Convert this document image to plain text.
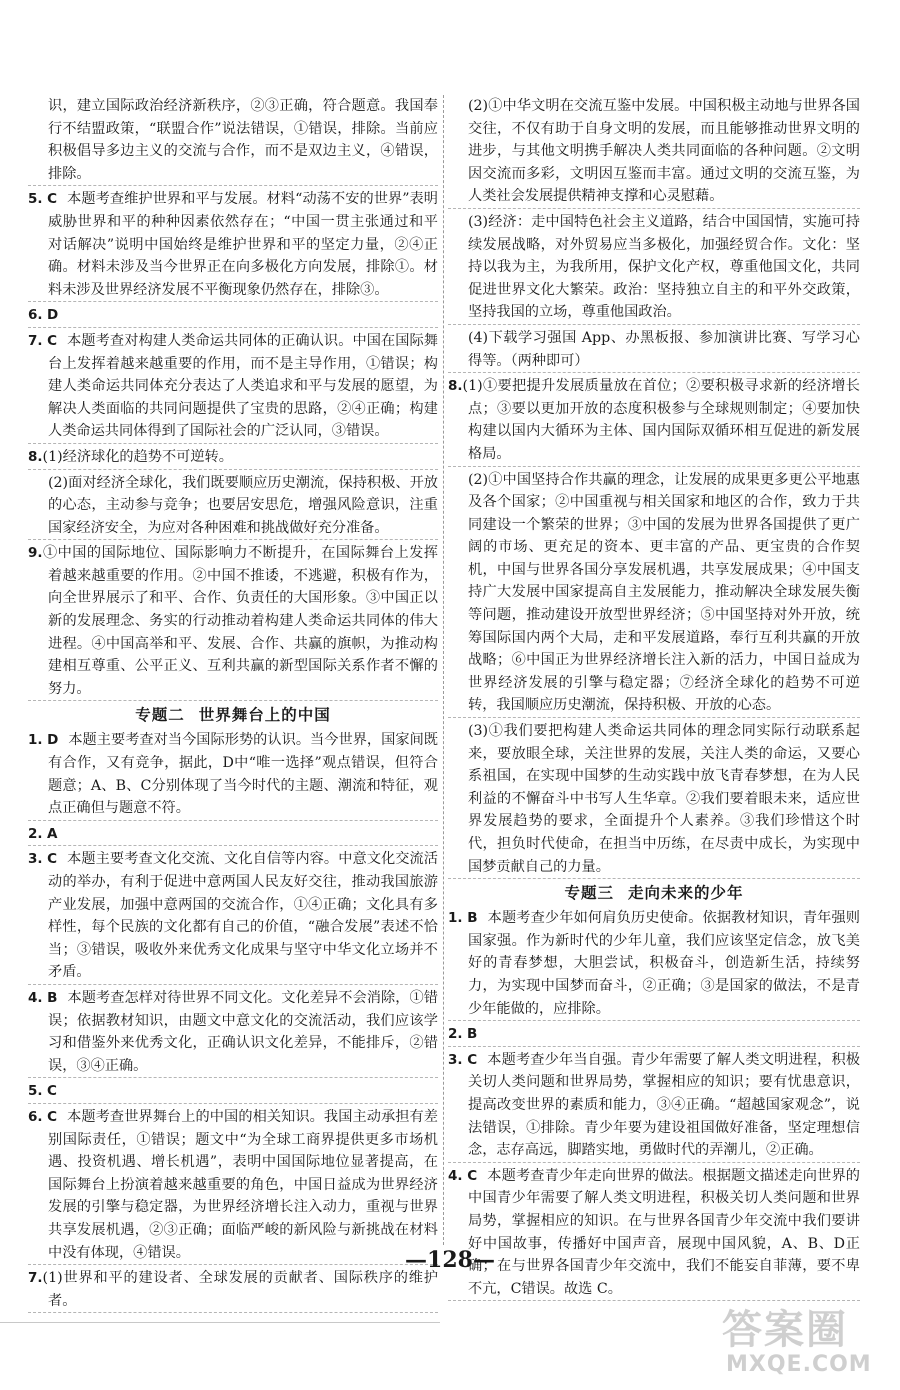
识，建立国际政治经济新秩序，②③正确，符合题意。我国奉行不结盟政策，“联盟合作”说法错误，①错误，排除。当前应积极倡导多边主义的交流与合作，而不是双边主义，④错误，排除。
5. C 本题考查维护世界和平与发展。材料“动荡不安的世界”表明威胁世界和平的种种因素依然存在；“中国一贯主张通过和平对话解决”说明中国始终是维护世界和平的坚定力量，②④正确。材料未涉及当今世界正在向多极化方向发展，排除①。材料未涉及世界经济发展不平衡现象仍然存在，排除③。
6. D
7. C 本题考查对构建人类命运共同体的正确认识。中国在国际舞台上发挥着越来越重要的作用，而不是主导作用，①错误；构建人类命运共同体充分表达了人类追求和平与发展的愿望，为解决人类面临的共同问题提供了宝贵的思路，②④正确；构建人类命运共同体得到了国际社会的广泛认同，③错误。
8.(1)经济球化的趋势不可逆转。
(2)面对经济全球化，我们既要顺应历史潮流，保持积极、开放的心态，主动参与竞争；也要居安思危，增强风险意识，注重国家经济安全，为应对各种困难和挑战做好充分准备。
9.①中国的国际地位、国际影响力不断提升，在国际舞台上发挥着越来越重要的作用。②中国不推诿，不逃避，积极有作为，向全世界展示了和平、合作、负责任的大国形象。③中国正以新的发展理念、务实的行动推动着构建人类命运共同体的伟大进程。④中国高举和平、发展、合作、共赢的旗帜，为推动构建相互尊重、公平正义、互利共赢的新型国际关系作者不懈的努力。
专题二 世界舞台上的中国
1. D 本题主要考查对当今国际形势的认识。当今世界，国家间既有合作，又有竞争，据此，D中“唯一选择”观点错误，但符合题意；A、B、C分别体现了当今时代的主题、潮流和特征，观点正确但与题意不符。
2. A
3. C 本题主要考查文化交流、文化自信等内容。中意文化交流活动的举办，有利于促进中意两国人民友好交往，推动我国旅游产业发展，加强中意两国的交流合作，①④正确；文化具有多样性，每个民族的文化都有自己的价值，“融合发展”表述不恰当；③错误，吸收外来优秀文化成果与坚守中华文化立场并不矛盾。
4. B 本题考查怎样对待世界不同文化。文化差异不会消除，①错误；依据教材知识，由题文中意文化的交流活动，我们应该学习和借鉴外来优秀文化，正确认识文化差异，不能排斥，②错误，③④正确。
5. C
6. C 本题考查世界舞台上的中国的相关知识。我国主动承担有差别国际责任，①错误；题文中“为全球工商界提供更多市场机遇、投资机遇、增长机遇”，表明中国国际地位显著提高，在国际舞台上扮演着越来越重要的角色，中国日益成为世界经济发展的引擎与稳定器，为世界经济增长注入动力，重视与世界共享发展机遇，②③正确；面临严峻的新风险与新挑战在材料中没有体现，④错误。
7.(1)世界和平的建设者、全球发展的贡献者、国际秩序的维护者。
(2)①中华文明在交流互鉴中发展。中国积极主动地与世界各国交往，不仅有助于自身文明的发展，而且能够推动世界文明的进步，与其他文明携手解决人类共同面临的各种问题。②文明因交流而多彩，文明因互鉴而丰富。通过文明的交流互鉴，为人类社会发展提供精神支撑和心灵慰藉。
(3)经济：走中国特色社会主义道路，结合中国国情，实施可持续发展战略，对外贸易应当多极化，加强经贸合作。文化：坚持以我为主，为我所用，保护文化产权，尊重他国文化，共同促进世界文化大繁荣。政治：坚持独立自主的和平外交政策，坚持我国的立场，尊重他国政治。
(4)下载学习强国 App、办黑板报、参加演讲比赛、写学习心得等。（两种即可）
8.(1)①要把提升发展质量放在首位；②要积极寻求新的经济增长点；③要以更加开放的态度积极参与全球规则制定；④要加快构建以国内大循环为主体、国内国际双循环相互促进的新发展格局。
(2)①中国坚持合作共赢的理念，让发展的成果更多更公平地惠及各个国家；②中国重视与相关国家和地区的合作，致力于共同建设一个繁荣的世界；③中国的发展为世界各国提供了更广阔的市场、更充足的资本、更丰富的产品、更宝贵的合作契机，中国与世界各国分享发展机遇，共享发展成果；④中国支持广大发展中国家提高自主发展能力，推动解决全球发展失衡等问题，推动建设开放型世界经济；⑤中国坚持对外开放，统筹国际国内两个大局，走和平发展道路，奉行互利共赢的开放战略；⑥中国正为世界经济增长注入新的活力，中国日益成为世界经济发展的引擎与稳定器；⑦经济全球化的趋势不可逆转，我国顺应历史潮流，保持积极、开放的心态。
(3)①我们要把构建人类命运共同体的理念同实际行动联系起来，要放眼全球，关注世界的发展，关注人类的命运，又要心系祖国，在实现中国梦的生动实践中放飞青春梦想，在为人民利益的不懈奋斗中书写人生华章。②我们要着眼未来，适应世界发展趋势的要求，全面提升个人素养。③我们珍惜这个时代，担负时代使命，在担当中历练，在尽责中成长，为实现中国梦贡献自己的力量。
专题三 走向未来的少年
1. B 本题考查少年如何肩负历史使命。依据教材知识，青年强则国家强。作为新时代的少年儿童，我们应该坚定信念，放飞美好的青春梦想，大胆尝试，积极奋斗，创造新生活，持续努力，为实现中国梦而奋斗，②正确；③是国家的做法，不是青少年能做的，应排除。
2. B
3. C 本题考查少年当自强。青少年需要了解人类文明进程，积极关切人类问题和世界局势，掌握相应的知识；要有忧患意识，提高改变世界的素质和能力，③④正确。“超越国家观念”，说法错误，①排除。青少年要为建设祖国做好准备，坚定理想信念，志存高远，脚踏实地，勇做时代的弄潮儿，②正确。
4. C 本题考查青少年走向世界的做法。根据题文描述走向世界的中国青少年需要了解人类文明进程，积极关切人类问题和世界局势，掌握相应的知识。在与世界各国青少年交流中我们要讲好中国故事，传播好中国声音，展现中国风貌，A、B、D正确；在与世界各国青少年交流中，我们不能妄自菲薄，要不卑不亢，C错误。故选 C。
—128—
答案圈
MXQE.COM
